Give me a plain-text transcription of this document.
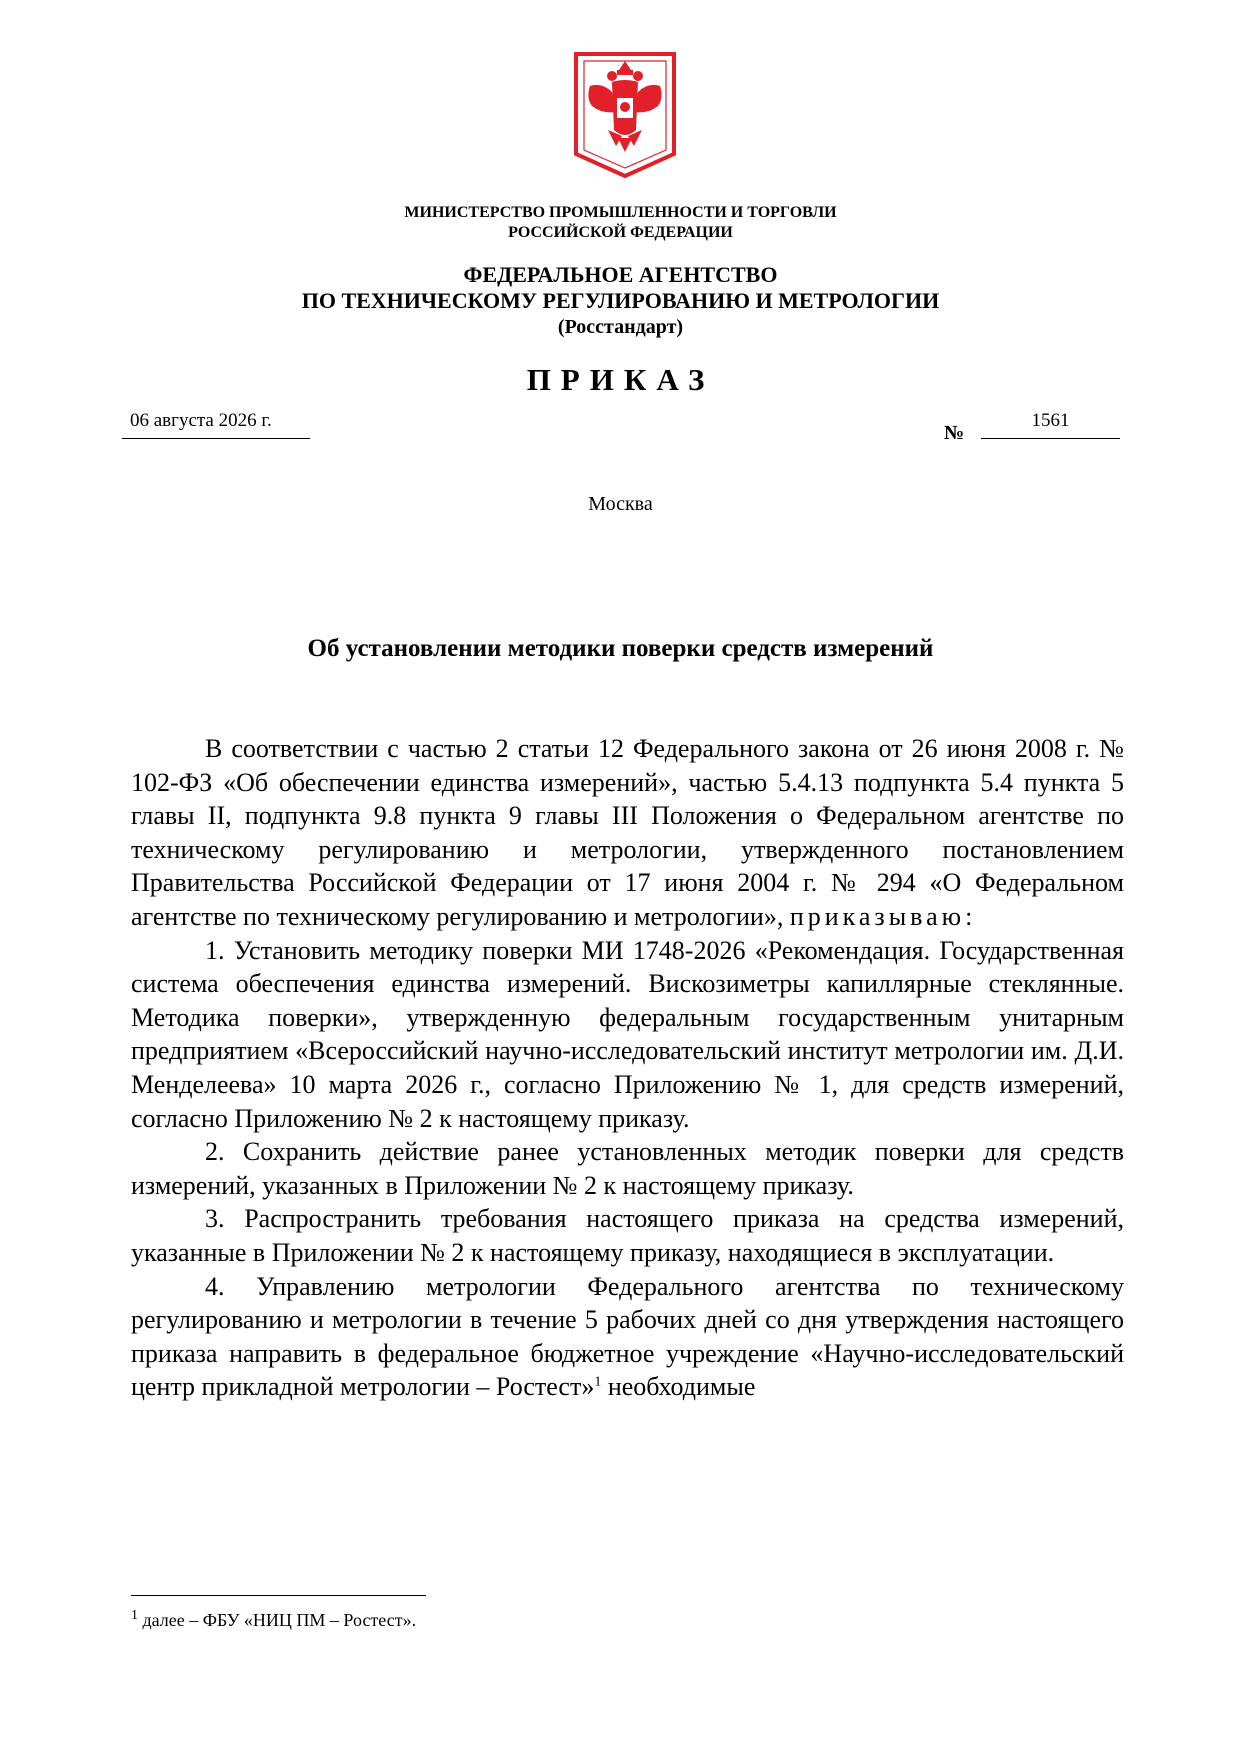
МИНИСТЕРСТВО ПРОМЫШЛЕННОСТИ И ТОРГОВЛИ
РОССИЙСКОЙ ФЕДЕРАЦИИ
ФЕДЕРАЛЬНОЕ АГЕНТСТВО
ПО ТЕХНИЧЕСКОМУ РЕГУЛИРОВАНИЮ И МЕТРОЛОГИИ
(Росстандарт)
ПРИКАЗ
06 августа 2026 г.
№
1561
Москва
Об установлении методики поверки средств измерений

В соответствии с частью 2 статьи 12 Федерального закона от 26 июня 2008 г. № 102-ФЗ «Об обеспечении единства измерений», частью 5.4.13 подпункта 5.4 пункта 5 главы II, подпункта 9.8 пункта 9 главы III Положения о Федеральном агентстве по техническому регулированию и метрологии, утвержденного постановлением Правительства Российской Федерации от 17 июня 2004 г. № 294 «О Федеральном агентстве по техническому регулированию и метрологии», приказываю:

1. Установить методику поверки МИ 1748-2026 «Рекомендация. Государственная система обеспечения единства измерений. Вискозиметры капиллярные стеклянные. Методика поверки», утвержденную федеральным государственным унитарным предприятием «Всероссийский научно-исследовательский институт метрологии им. Д.И. Менделеева» 10 марта 2026 г., согласно Приложению № 1, для средств измерений, согласно Приложению № 2 к настоящему приказу.

2. Сохранить действие ранее установленных методик поверки для средств измерений, указанных в Приложении № 2 к настоящему приказу.

3. Распространить требования настоящего приказа на средства измерений, указанные в Приложении № 2 к настоящему приказу, находящиеся в эксплуатации.

4. Управлению метрологии Федерального агентства по техническому регулированию и метрологии в течение 5 рабочих дней со дня утверждения настоящего приказа направить в федеральное бюджетное учреждение «Научно-исследовательский центр прикладной метрологии – Ростест»$^1$ необходимые

$^1$ далее – ФБУ «НИЦ ПМ – Ростест».
